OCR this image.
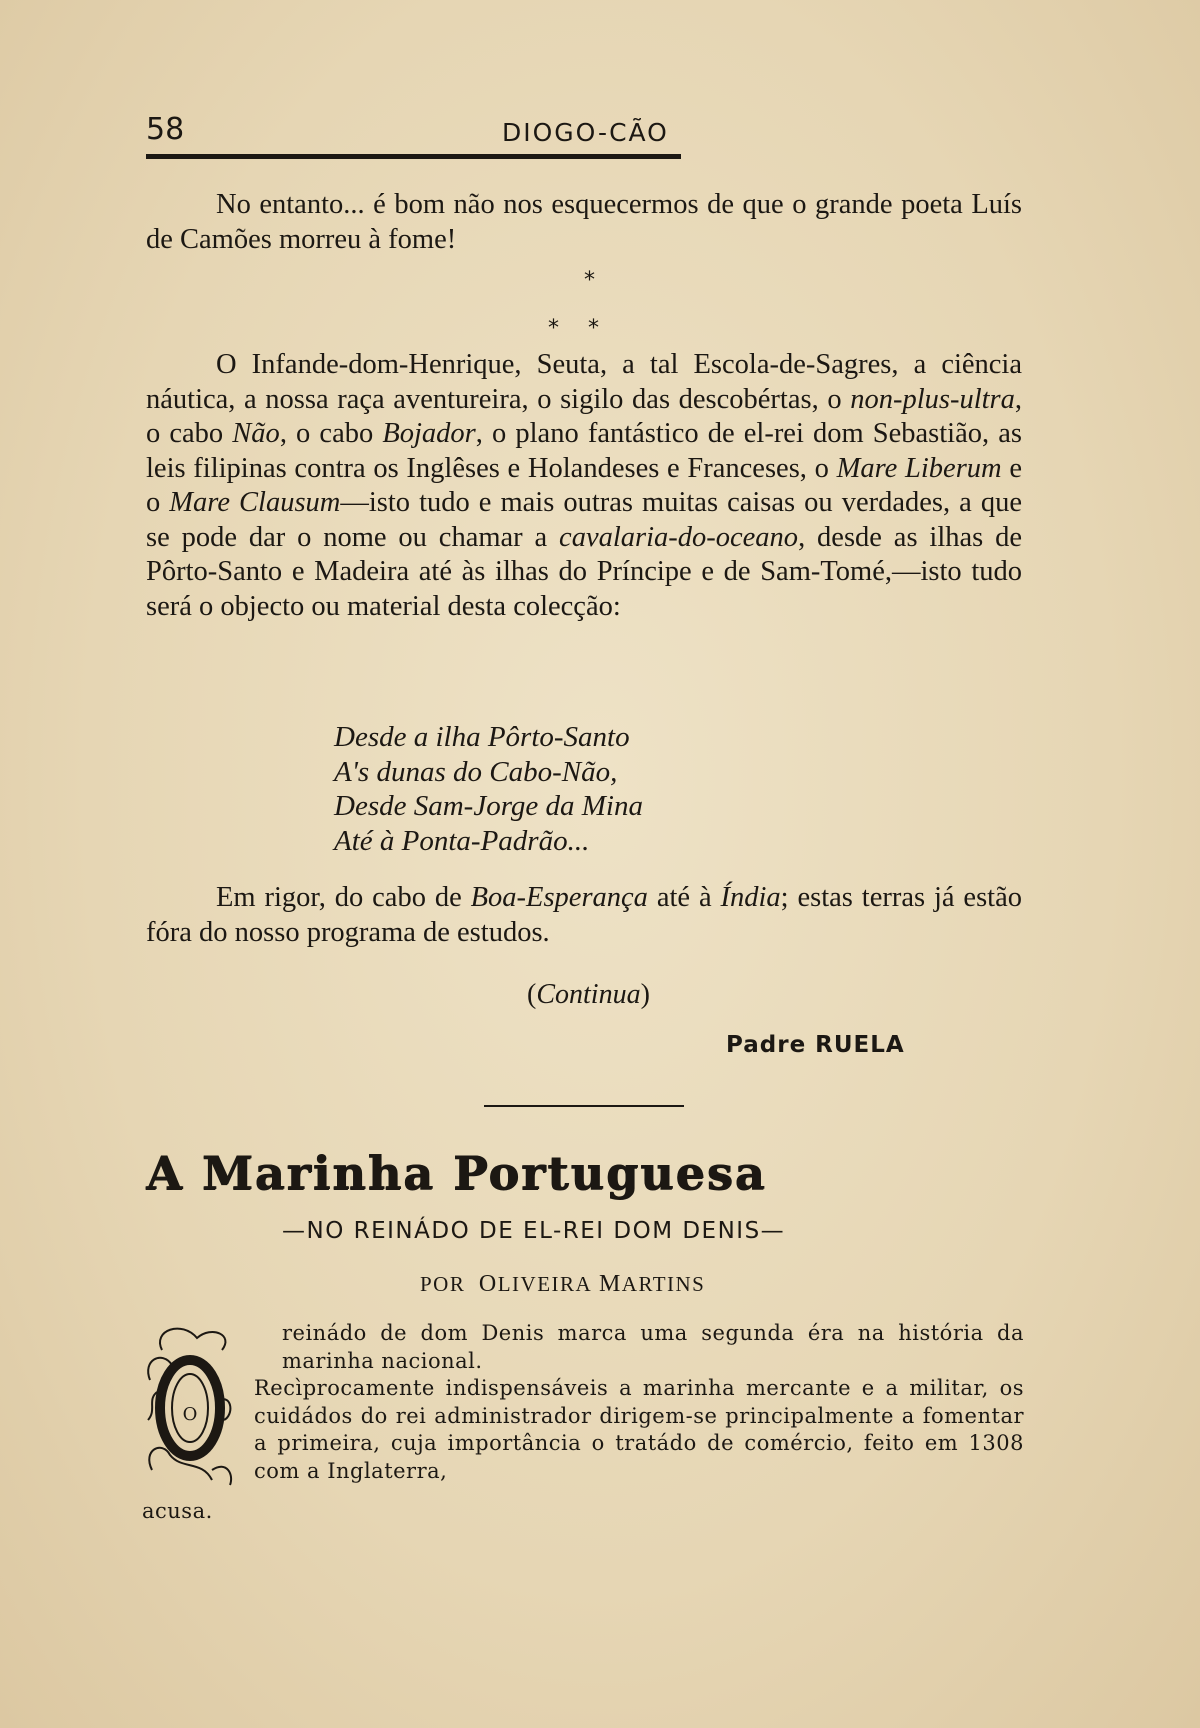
58	DIOGO-CÃO
No entanto... é bom não nos esquecermos de que o grande poeta Luís de Camões morreu à fome!
*
* *
O Infande-dom-Henrique, Seuta, a tal Escola-de-Sagres, a ciência náutica, a nossa raça aventureira, o sigilo das descobértas, o non-plus-ultra, o cabo Não, o cabo Bojador, o plano fantástico de el-rei dom Sebastião, as leis filipinas contra os Inglêses e Holandeses e Franceses, o Mare Liberum e o Mare Clausum—isto tudo e mais outras muitas caisas ou verdades, a que se pode dar o nome ou chamar a cavalaria-do-oceano, desde as ilhas de Pôrto-Santo e Madeira até às ilhas do Príncipe e de Sam-Tomé,—isto tudo será o objecto ou material desta colecção:
Desde a ilha Pôrto-Santo
A's dunas do Cabo-Não,
Desde Sam-Jorge da Mina
Até à Ponta-Padrão...
Em rigor, do cabo de Boa-Esperança até à Índia; estas terras já estão fóra do nosso programa de estudos.
(Continua)
Padre RUELA
A Marinha Portuguesa
—NO REINÁDO DE EL-REI DOM DENIS—
POR OLIVEIRA MARTINS
O
reinádo de dom Denis marca uma segunda éra na história da marinha nacional.
Recìprocamente indispensáveis a marinha mercante e a militar, os cuidádos do rei administrador dirigem-se principalmente a fomentar a primeira, cuja importância o tratádo de comércio, feito em 1308 com a Inglaterra,
acusa.
